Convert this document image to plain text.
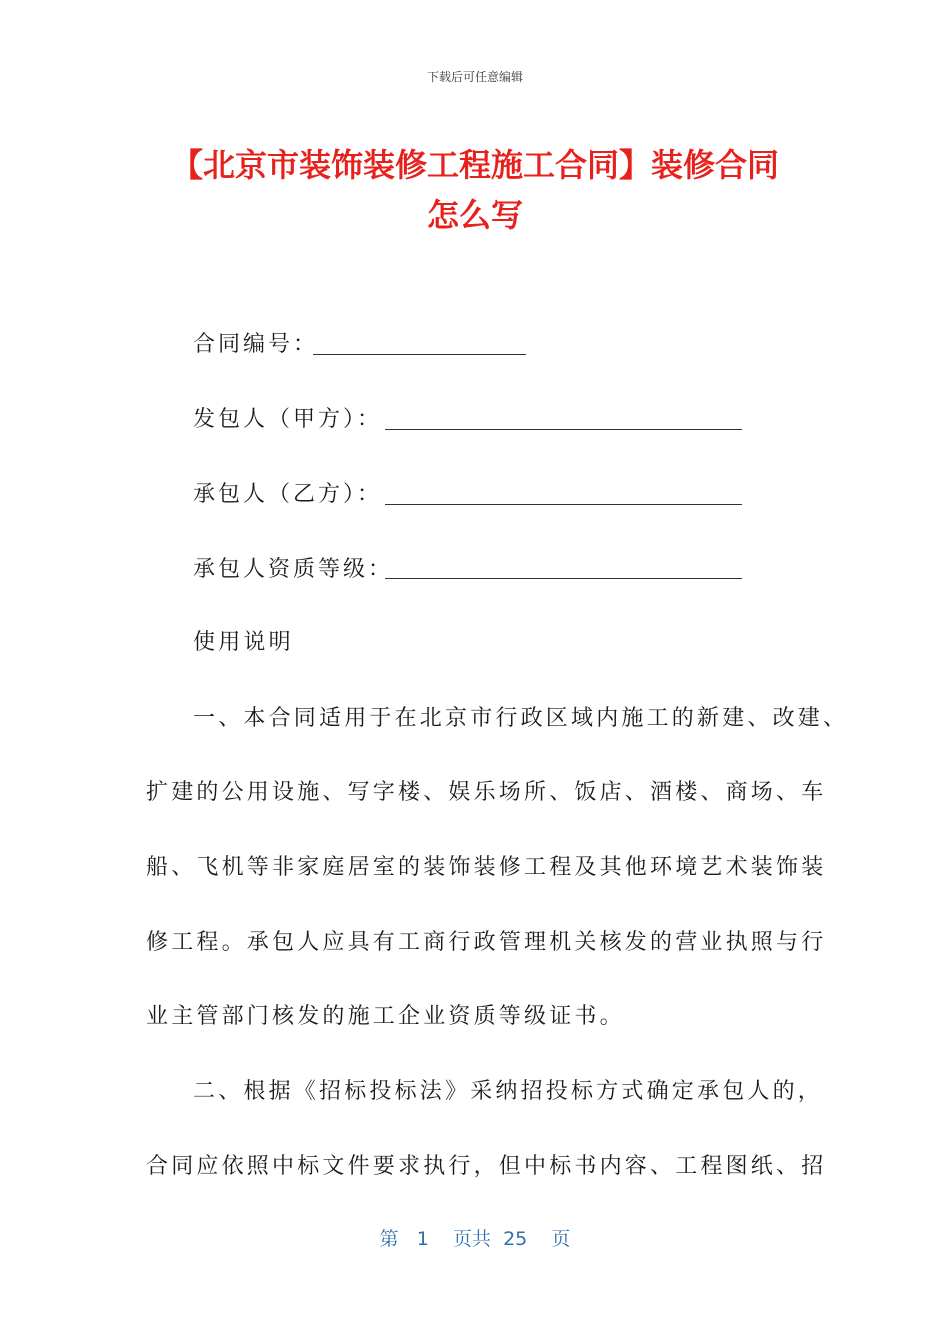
下载后可任意编辑
【北京市装饰装修工程施工合同】装修合同
怎么写
合同编号：
发包人（甲方）：
承包人（乙方）：
承包人资质等级：
使用说明
一、本合同适用于在北京市行政区域内施工的新建、改建、
扩建的公用设施、写字楼、娱乐场所、饭店、酒楼、商场、车
船、飞机等非家庭居室的装饰装修工程及其他环境艺术装饰装
修工程。承包人应具有工商行政管理机关核发的营业执照与行
业主管部门核发的施工企业资质等级证书。
二、根据《招标投标法》采纳招投标方式确定承包人的，
合同应依照中标文件要求执行，但中标书内容、工程图纸、招
第 1 页共 25 页
